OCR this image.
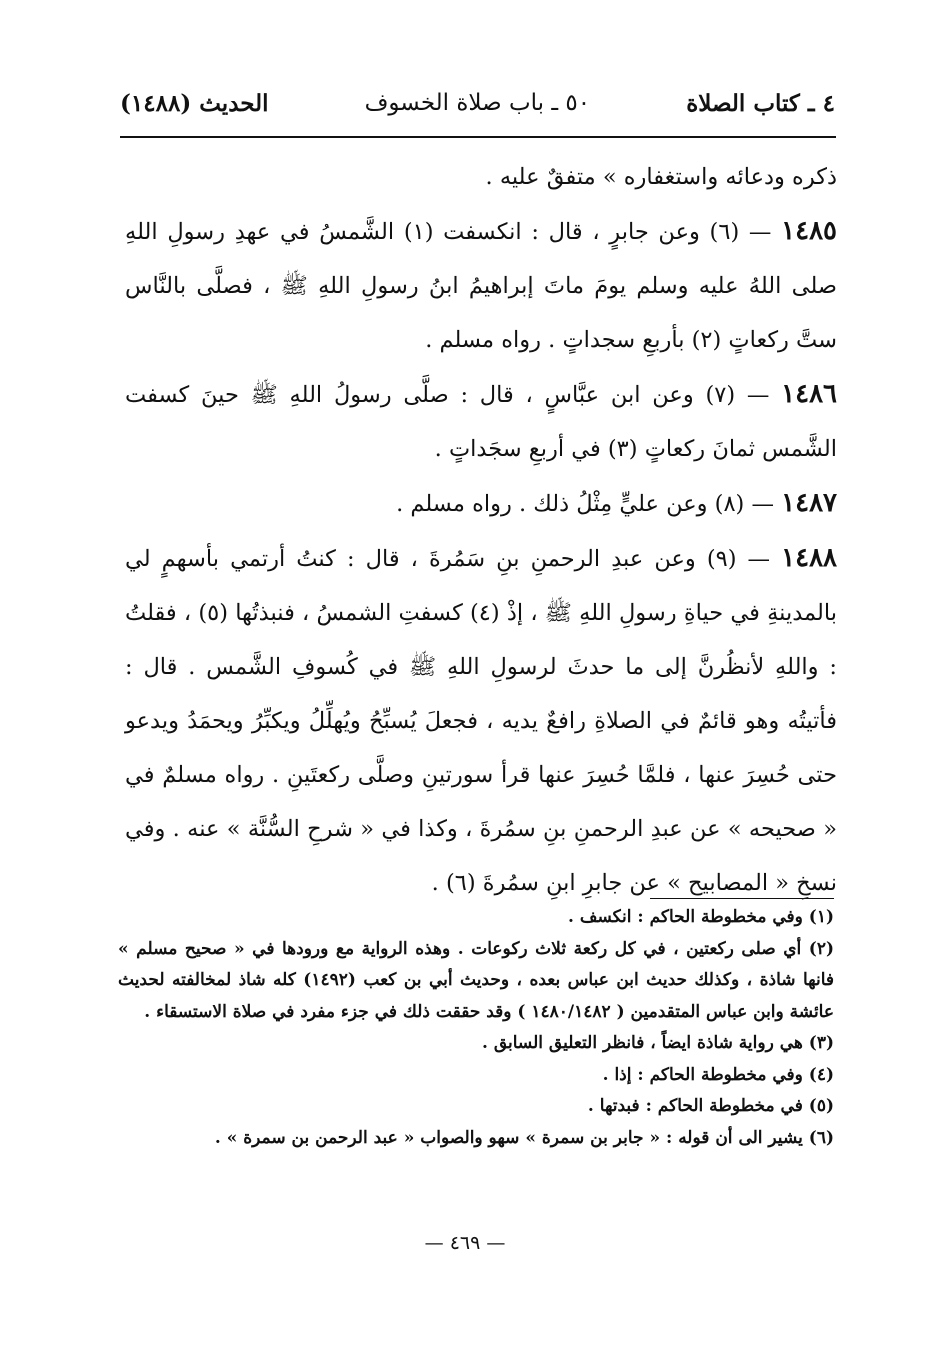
٤ ـ كتاب الصلاة
٥٠ ـ باب صلاة الخسوف
الحديث (١٤٨٨)

ذكره ودعائه واستغفاره » متفقٌ عليه .

١٤٨٥ — (٦) وعن جابرٍ ، قال : انكسفت (١) الشَّمسُ في عهدِ رسولِ اللهِ صلى اللهُ عليه وسلم يومَ ماتَ إبراهيمُ ابنُ رسولِ اللهِ ﷺ ، فصلَّى بالنَّاس ستَّ ركعاتٍ (٢) بأربعِ سجداتٍ . رواه مسلم .

١٤٨٦ — (٧) وعن ابن عبَّاسٍ ، قال : صلَّى رسولُ اللهِ ﷺ حينَ كسفت الشَّمس ثمانَ ركعاتٍ (٣) في أربعِ سجَداتٍ .

١٤٨٧ — (٨) وعن عليٍّ مِثْلُ ذلك . رواه مسلم .

١٤٨٨ — (٩) وعن عبدِ الرحمنِ بنِ سَمُرةَ ، قال : كنتُ أرتمي بأسهمٍ لي بالمدينةِ في حياةِ رسولِ اللهِ ﷺ ، إذْ (٤) كسفتِ الشمسُ ، فنبذتُها (٥) ، فقلتُ : واللهِ لأنظُرنَّ إلى ما حدثَ لرسولِ اللهِ ﷺ في كُسوفِ الشَّمس . قال : فأتيتُه وهو قائمٌ في الصلاةِ رافعٌ يديه ، فجعلَ يُسبِّحُ ويُهلِّلُ ويكبِّرُ ويحمَدُ ويدعو حتى حُسِرَ عنها ، فلمَّا حُسِرَ عنها قرأ سورتينِ وصلَّى ركعتَينِ . رواه مسلمٌ في « صحيحه » عن عبدِ الرحمنِ بنِ سمُرةَ ، وكذا في « شرحِ السُّنَّة » عنه . وفي نسخِ « المصابيح » عن جابرِ ابنِ سمُرةَ (٦) .

(١) وفي مخطوطة الحاكم : انكسف .

(٢) أي صلى ركعتين ، في كل ركعة ثلاث ركوعات . وهذه الرواية مع ورودها في « صحيح مسلم » فانها شاذة ، وكذلك حديث ابن عباس بعده ، وحديث أبي بن كعب (١٤٩٢) كله شاذ لمخالفته لحديث عائشة وابن عباس المتقدمين ( ١٤٨٠/١٤٨٢ ) وقد حققت ذلك في جزء مفرد في صلاة الاستسقاء .

(٣) هي رواية شاذة ايضاً ، فانظر التعليق السابق .

(٤) وفي مخطوطة الحاكم : إذا .

(٥) في مخطوطة الحاكم : فبدتها .

(٦) يشير الى أن قوله : « جابر بن سمرة » سهو والصواب « عبد الرحمن بن سمرة » .

— ٤٦٩ —
